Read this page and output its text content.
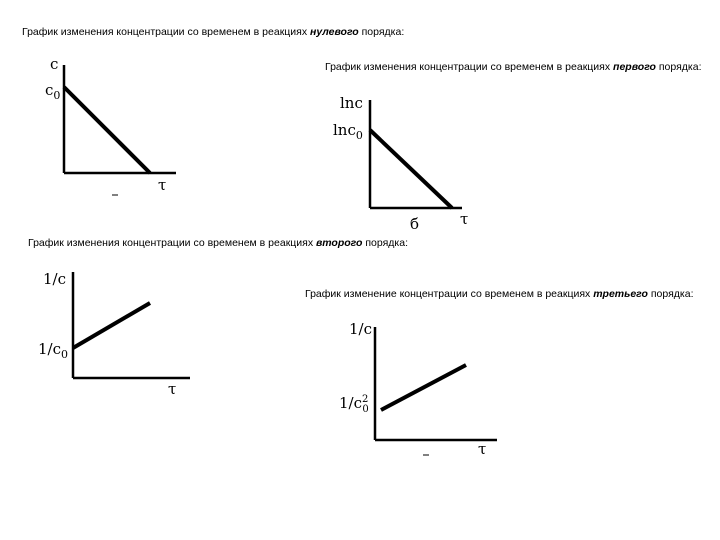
График изменения концентрации со временем в реакциях нулевого порядка:
График изменения концентрации со временем в реакциях первого порядка:
График изменения концентрации со временем в реакциях второго порядка:
График изменение концентрации со временем в реакциях третьего порядка:
c
$c_0$
τ
lnc
lnc$_0$
τ
б
1/c
$1/c_0$
τ
1/c
$1/c^2$ 0
τ
